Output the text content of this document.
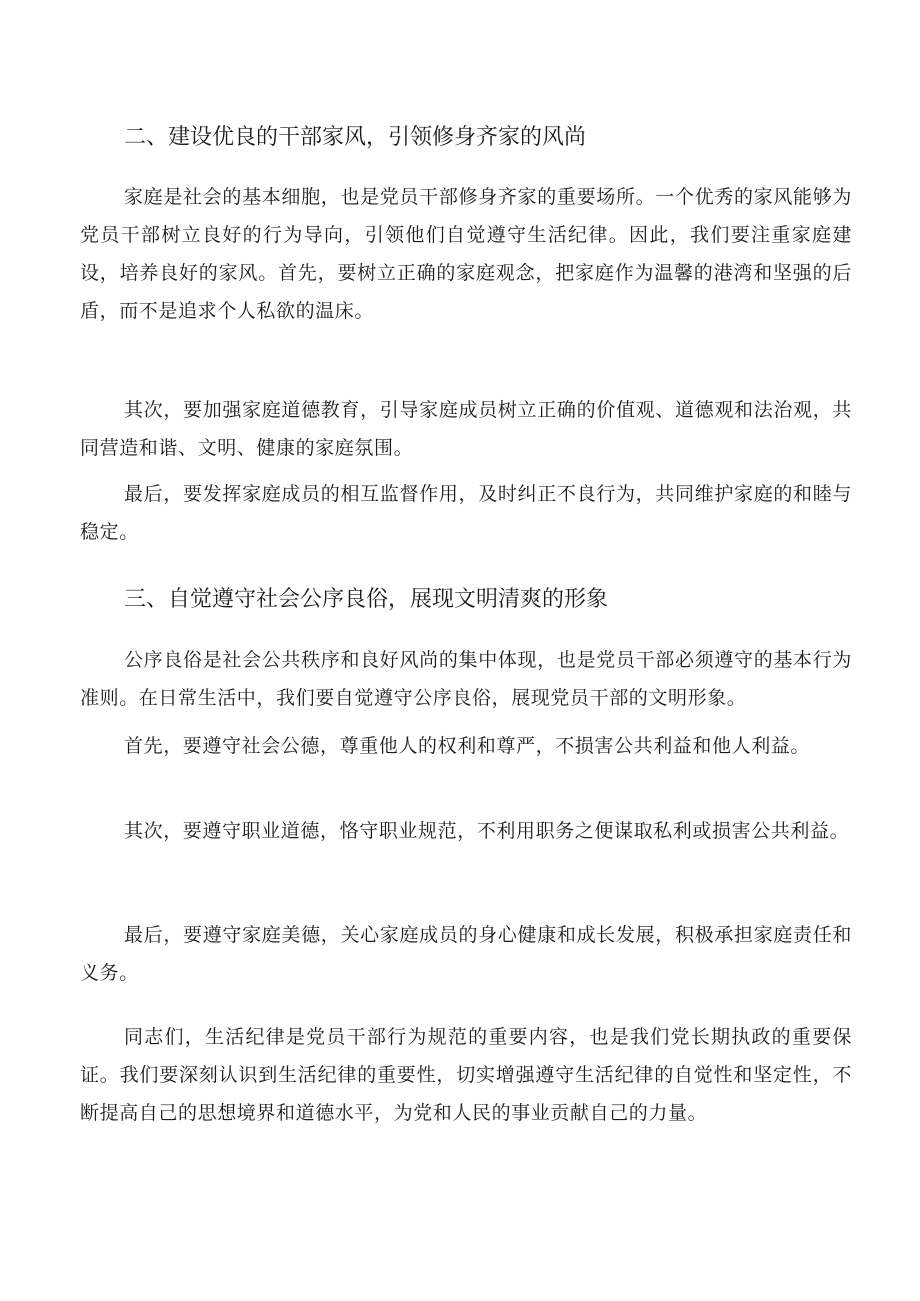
二、建设优良的干部家风，引领修身齐家的风尚

家庭是社会的基本细胞，也是党员干部修身齐家的重要场所。一个优秀的家风能够为党员干部树立良好的行为导向，引领他们自觉遵守生活纪律。因此，我们要注重家庭建设，培养良好的家风。首先，要树立正确的家庭观念，把家庭作为温馨的港湾和坚强的后盾，而不是追求个人私欲的温床。

其次，要加强家庭道德教育，引导家庭成员树立正确的价值观、道德观和法治观，共同营造和谐、文明、健康的家庭氛围。

最后，要发挥家庭成员的相互监督作用，及时纠正不良行为，共同维护家庭的和睦与稳定。

三、自觉遵守社会公序良俗，展现文明清爽的形象

公序良俗是社会公共秩序和良好风尚的集中体现，也是党员干部必须遵守的基本行为准则。在日常生活中，我们要自觉遵守公序良俗，展现党员干部的文明形象。

首先，要遵守社会公德，尊重他人的权利和尊严，不损害公共利益和他人利益。

其次，要遵守职业道德，恪守职业规范，不利用职务之便谋取私利或损害公共利益。

最后，要遵守家庭美德，关心家庭成员的身心健康和成长发展，积极承担家庭责任和义务。

同志们，生活纪律是党员干部行为规范的重要内容，也是我们党长期执政的重要保证。我们要深刻认识到生活纪律的重要性，切实增强遵守生活纪律的自觉性和坚定性，不断提高自己的思想境界和道德水平，为党和人民的事业贡献自己的力量。
